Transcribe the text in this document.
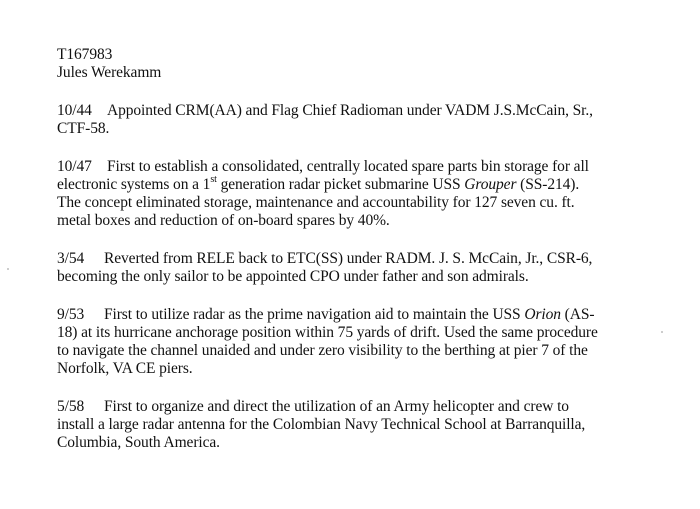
T167983
Jules Werekamm
10/44 Appointed CRM(AA) and Flag Chief Radioman under VADM J.S.McCain, Sr.,
CTF-58.
10/47 First to establish a consolidated, centrally located spare parts bin storage for all
electronic systems on a 1st generation radar picket submarine USS Grouper (SS-214).
The concept eliminated storage, maintenance and accountability for 127 seven cu. ft.
metal boxes and reduction of on-board spares by 40%.
3/54 Reverted from RELE back to ETC(SS) under RADM. J. S. McCain, Jr., CSR-6,
becoming the only sailor to be appointed CPO under father and son admirals.
9/53 First to utilize radar as the prime navigation aid to maintain the USS Orion (AS-
18) at its hurricane anchorage position within 75 yards of drift. Used the same procedure
to navigate the channel unaided and under zero visibility to the berthing at pier 7 of the
Norfolk, VA CE piers.
5/58 First to organize and direct the utilization of an Army helicopter and crew to
install a large radar antenna for the Colombian Navy Technical School at Barranquilla,
Columbia, South America.
